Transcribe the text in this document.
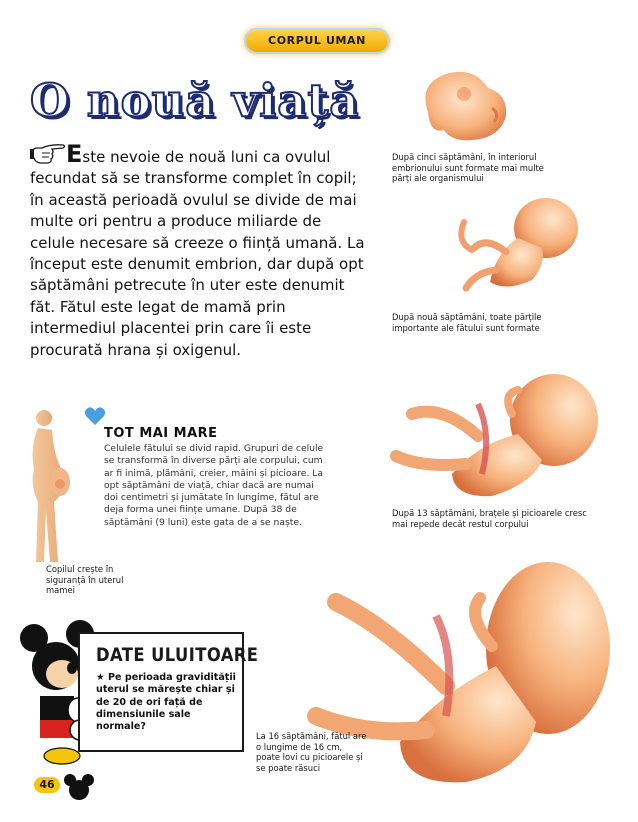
CORPUL UMAN
O nouă viață
Este nevoie de nouă luni ca ovulul fecundat să se transforme complet în copil; în această perioadă ovulul se divide de mai multe ori pentru a produce miliarde de celule necesare să creeze o ființă umană. La început este denumit embrion, dar după opt săptămâni petrecute în uter este denumit făt. Fătul este legat de mamă prin intermediul placentei prin care îi este procurată hrana și oxigenul.
După cinci săptămâni, în interiorul embrionului sunt formate mai multe părți ale organismului
După nouă săptămâni, toate părțile importante ale fătului sunt formate
După 13 săptămâni, brațele și picioarele cresc mai repede decât restul corpului
La 16 săptămâni, fătul are o lungime de 16 cm, poate lovi cu picioarele și se poate răsuci
TOT MAI MARE
Celulele fătului se divid rapid. Grupuri de celule se transformă în diverse părți ale corpului, cum ar fi inimă, plămâni, creier, mâini și picioare. La opt săptămâni de viață, chiar dacă are numai doi centimetri și jumătate în lungime, fătul are deja forma unei ființe umane. După 38 de săptămâni (9 luni) este gata de a se naște.
Copilul crește în siguranță în uterul mamei
DATE ULUITOARE
★ Pe perioada gravidității uterul se mărește chiar și de 20 de ori față de dimensiunile sale normale?
46
